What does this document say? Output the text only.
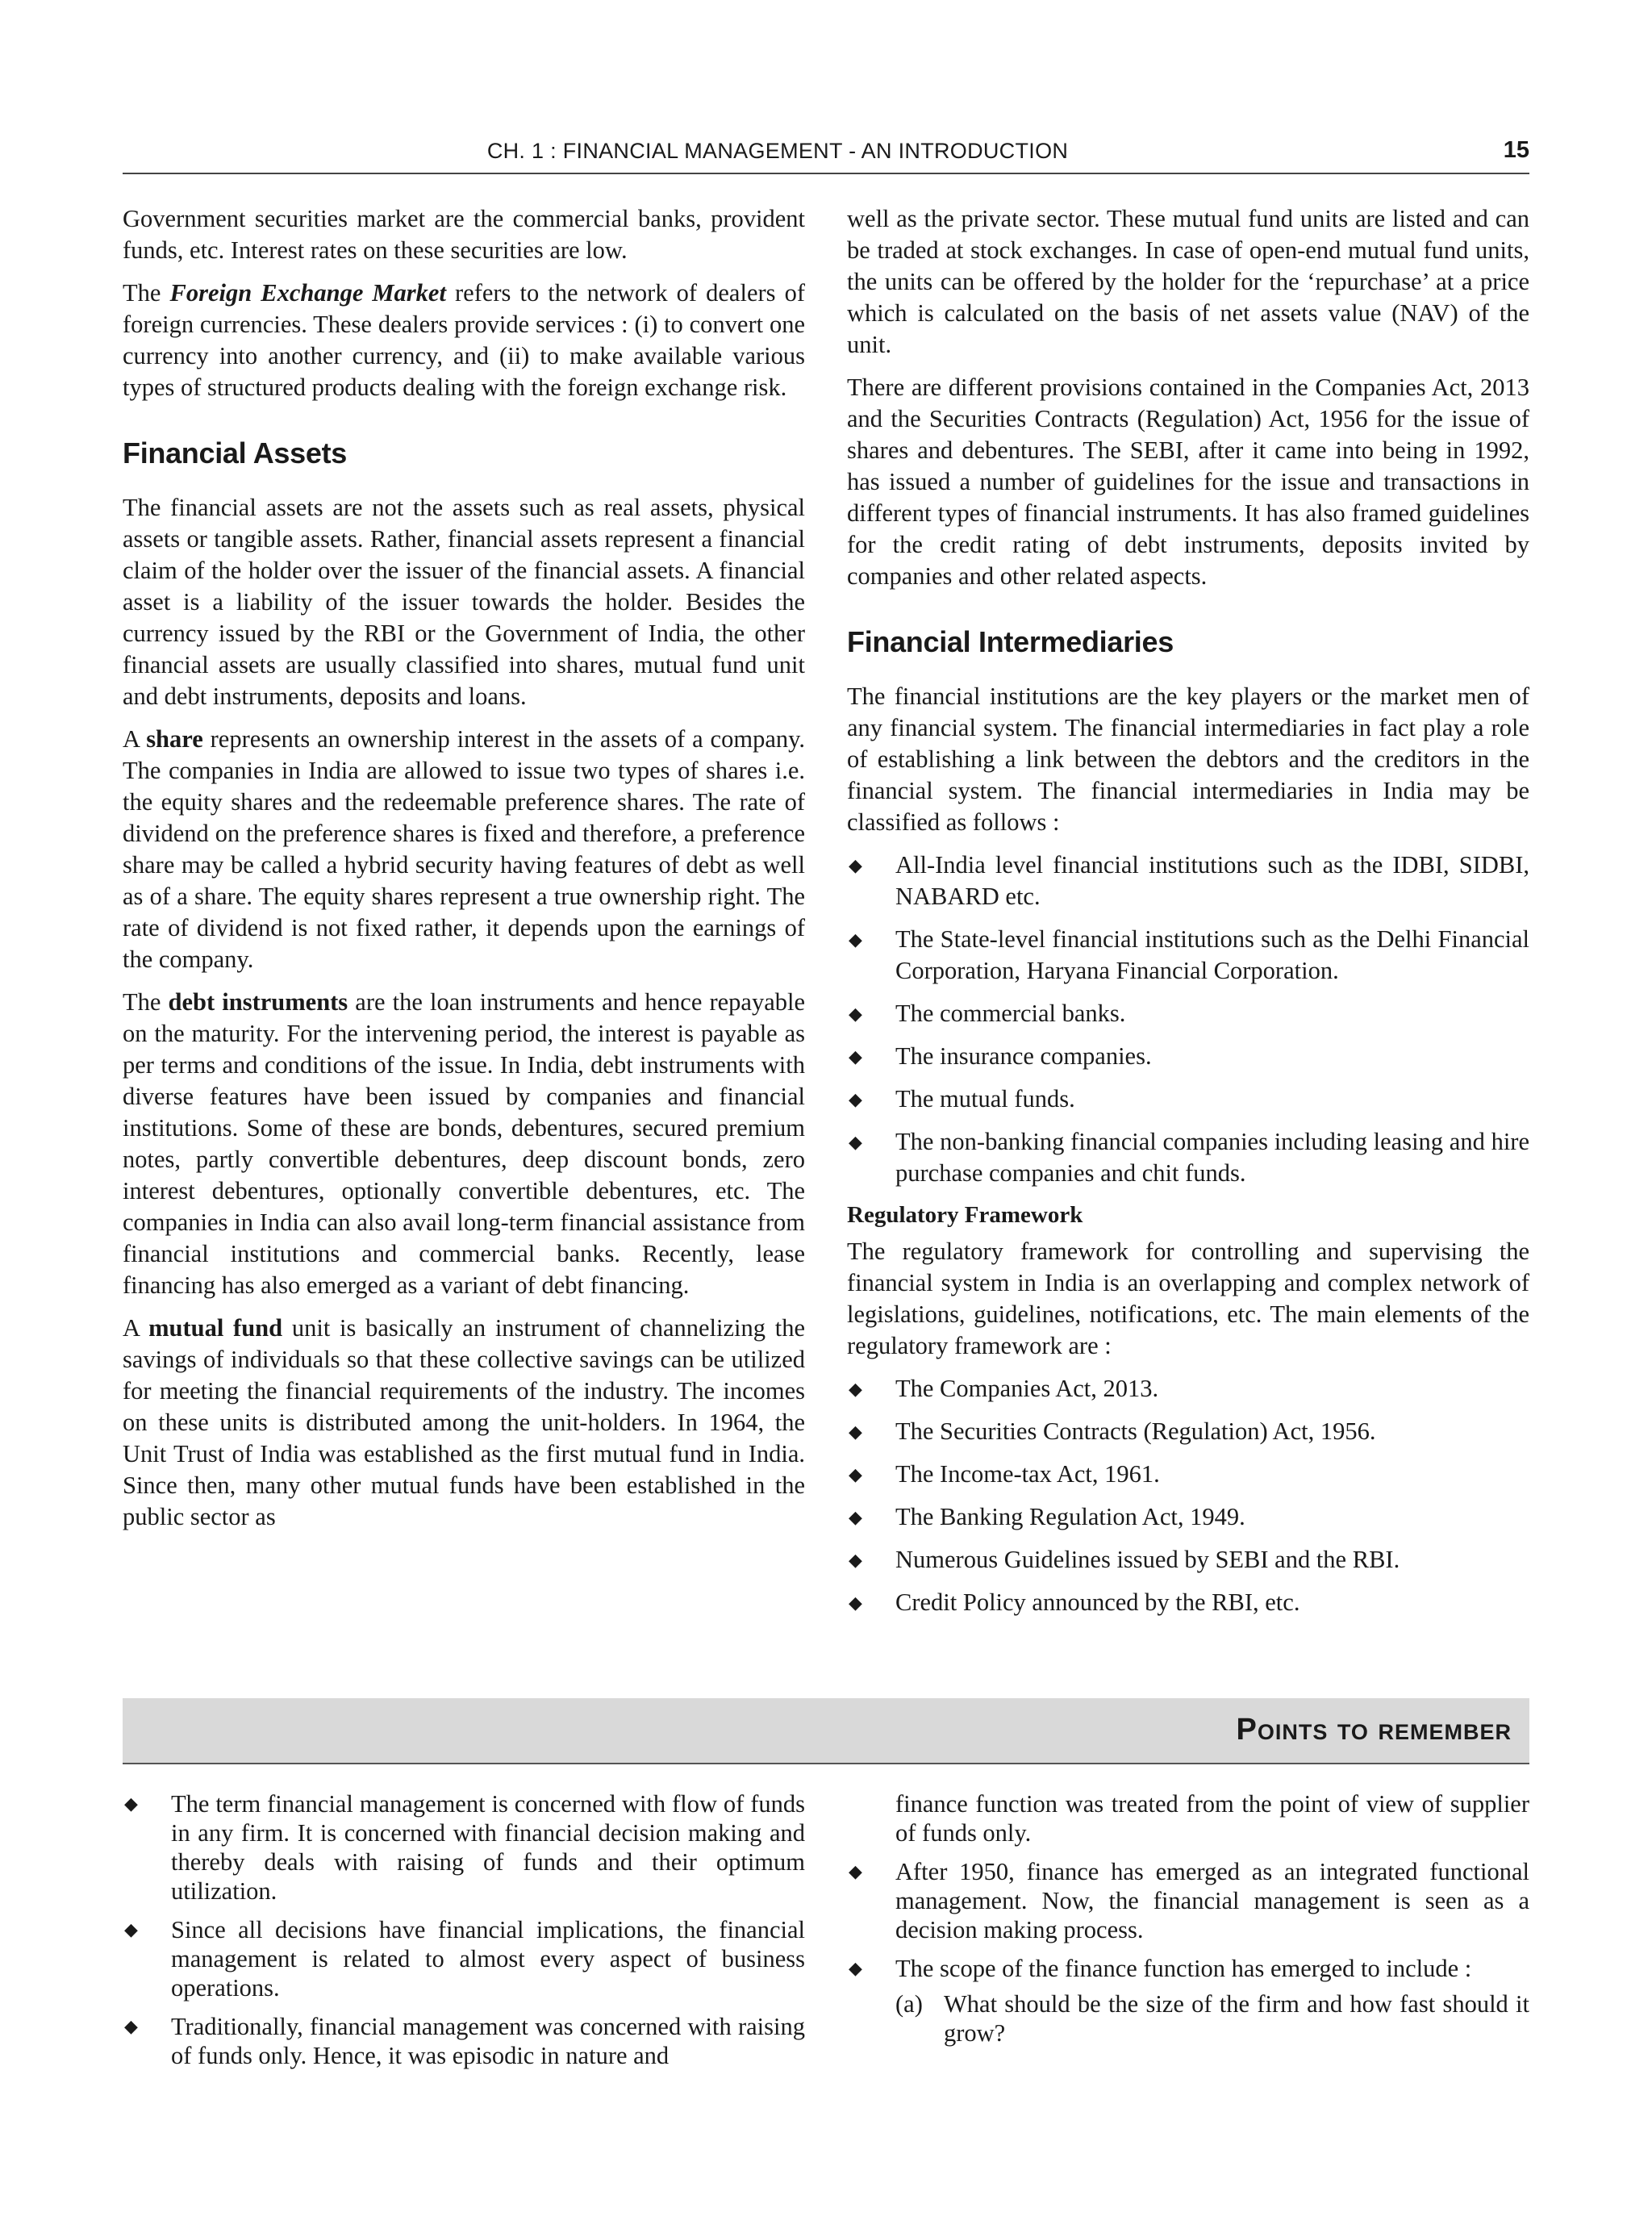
CH. 1 : FINANCIAL MANAGEMENT - AN INTRODUCTION	15

Government securities market are the commercial banks, provident funds, etc. Interest rates on these securities are low.

The Foreign Exchange Market refers to the network of dealers of foreign currencies. These dealers provide services : (i) to convert one currency into another currency, and (ii) to make available various types of structured products dealing with the foreign exchange risk.

Financial Assets

The financial assets are not the assets such as real assets, physical assets or tangible assets. Rather, financial assets represent a financial claim of the holder over the issuer of the financial assets. A financial asset is a liability of the issuer towards the holder. Besides the currency issued by the RBI or the Government of India, the other financial assets are usually classified into shares, mutual fund unit and debt instruments, deposits and loans.

A share represents an ownership interest in the assets of a company. The companies in India are allowed to issue two types of shares i.e. the equity shares and the redeemable preference shares. The rate of dividend on the preference shares is fixed and therefore, a preference share may be called a hybrid security having features of debt as well as of a share. The equity shares represent a true ownership right. The rate of dividend is not fixed rather, it depends upon the earnings of the company.

The debt instruments are the loan instruments and hence repayable on the maturity. For the intervening period, the interest is payable as per terms and conditions of the issue. In India, debt instruments with diverse features have been issued by companies and financial institutions. Some of these are bonds, debentures, secured premium notes, partly convertible debentures, deep discount bonds, zero interest debentures, optionally convertible debentures, etc. The companies in India can also avail long-term financial assistance from financial institutions and commercial banks. Recently, lease financing has also emerged as a variant of debt financing.

A mutual fund unit is basically an instrument of channelizing the savings of individuals so that these collective savings can be utilized for meeting the financial requirements of the industry. The incomes on these units is distributed among the unit-holders. In 1964, the Unit Trust of India was established as the first mutual fund in India. Since then, many other mutual funds have been established in the public sector as

well as the private sector. These mutual fund units are listed and can be traded at stock exchanges. In case of open-end mutual fund units, the units can be offered by the holder for the ‘repurchase’ at a price which is calculated on the basis of net assets value (NAV) of the unit.

There are different provisions contained in the Companies Act, 2013 and the Securities Contracts (Regulation) Act, 1956 for the issue of shares and debentures. The SEBI, after it came into being in 1992, has issued a number of guidelines for the issue and transactions in different types of financial instruments. It has also framed guidelines for the credit rating of debt instruments, deposits invited by companies and other related aspects.

Financial Intermediaries

The financial institutions are the key players or the market men of any financial system. The financial intermediaries in fact play a role of establishing a link between the debtors and the creditors in the financial system. The financial intermediaries in India may be classified as follows :

◆ All-India level financial institutions such as the IDBI, SIDBI, NABARD etc.
◆ The State-level financial institutions such as the Delhi Financial Corporation, Haryana Financial Corporation.
◆ The commercial banks.
◆ The insurance companies.
◆ The mutual funds.
◆ The non-banking financial companies including leasing and hire purchase companies and chit funds.
Regulatory Framework

The regulatory framework for controlling and supervising the financial system in India is an overlapping and complex network of legislations, guidelines, notifications, etc. The main elements of the regulatory framework are :

◆ The Companies Act, 2013.
◆ The Securities Contracts (Regulation) Act, 1956.
◆ The Income-tax Act, 1961.
◆ The Banking Regulation Act, 1949.
◆ Numerous Guidelines issued by SEBI and the RBI.
◆ Credit Policy announced by the RBI, etc.
Points to remember
◆ The term financial management is concerned with flow of funds in any firm. It is concerned with financial decision making and thereby deals with raising of funds and their optimum utilization.
◆ Since all decisions have financial implications, the financial management is related to almost every aspect of business operations.
◆ Traditionally, financial management was concerned with raising of funds only. Hence, it was episodic in nature and

finance function was treated from the point of view of supplier of funds only.

◆ After 1950, finance has emerged as an integrated functional management. Now, the financial management is seen as a decision making process.
◆ The scope of the finance function has emerged to include :
(a) What should be the size of the firm and how fast should it grow?
